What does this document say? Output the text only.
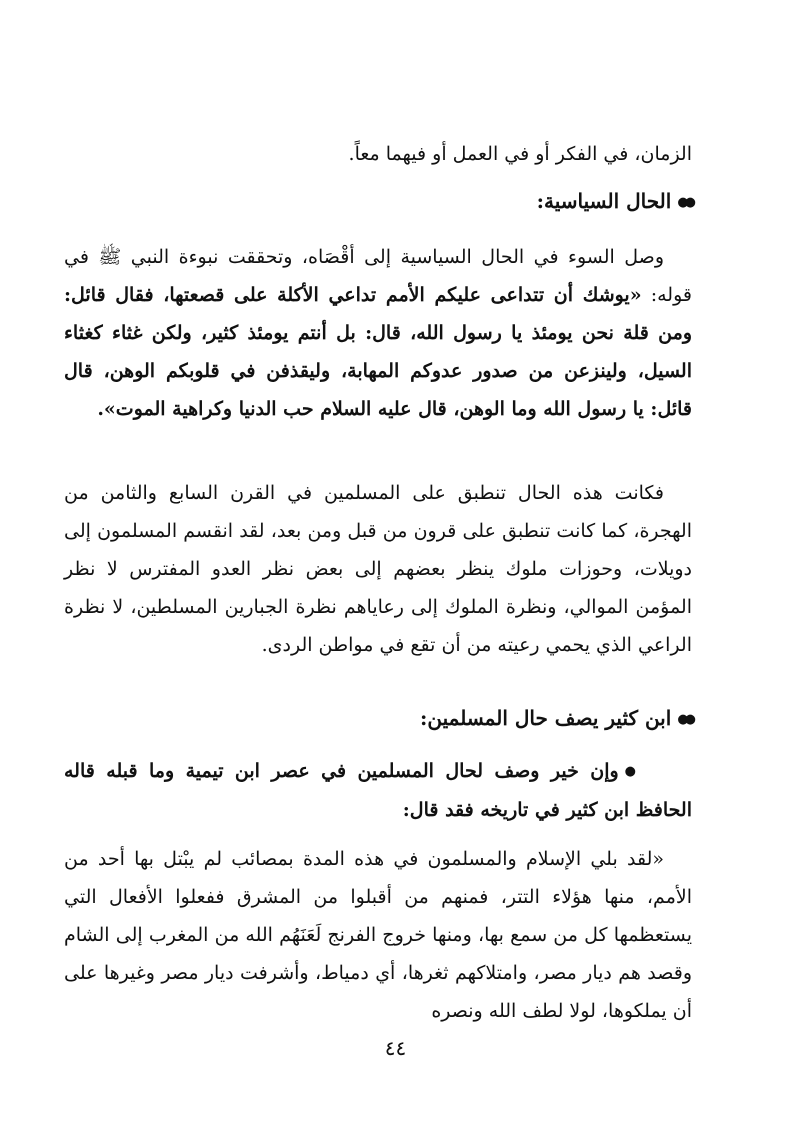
الزمان، في الفكر أو في العمل أو فيهما معاً.

●●الحال السياسية:

وصل السوء في الحال السياسية إلى أقْصَاه، وتحققت نبوءة النبي ﷺ في قوله: «يوشك أن تتداعى عليكم الأمم تداعي الأكلة على قصعتها، فقال قائل: ومن قلة نحن يومئذ يا رسول الله، قال: بل أنتم يومئذ كثير، ولكن غثاء كغثاء السيل، ولينزعن من صدور عدوكم المهابة، وليقذفن في قلوبكم الوهن، قال قائل: يا رسول الله وما الوهن، قال عليه السلام حب الدنيا وكراهية الموت».

فكانت هذه الحال تنطبق على المسلمين في القرن السابع والثامن من الهجرة، كما كانت تنطبق على قرون من قبل ومن بعد، لقد انقسم المسلمون إلى دويلات، وحوزات ملوك ينظر بعضهم إلى بعض نظر العدو المفترس لا نظر المؤمن الموالي، ونظرة الملوك إلى رعاياهم نظرة الجبارين المسلطين، لا نظرة الراعي الذي يحمي رعيته من أن تقع في مواطن الردى.

●●ابن كثير يصف حال المسلمين:

●وإن خير وصف لحال المسلمين في عصر ابن تيمية وما قبله قاله الحافظ ابن كثير في تاريخه فقد قال:

«لقد بلي الإسلام والمسلمون في هذه المدة بمصائب لم يبْتل بها أحد من الأمم، منها هؤلاء التتر، فمنهم من أقبلوا من المشرق ففعلوا الأفعال التي يستعظمها كل من سمع بها، ومنها خروج الفرنج لَعَنَهُم الله من المغرب إلى الشام وقصد هم ديار مصر، وامتلاكهم ثغرها، أي دمياط، وأشرفت ديار مصر وغيرها على أن يملكوها، لولا لطف الله ونصره

٤٤
